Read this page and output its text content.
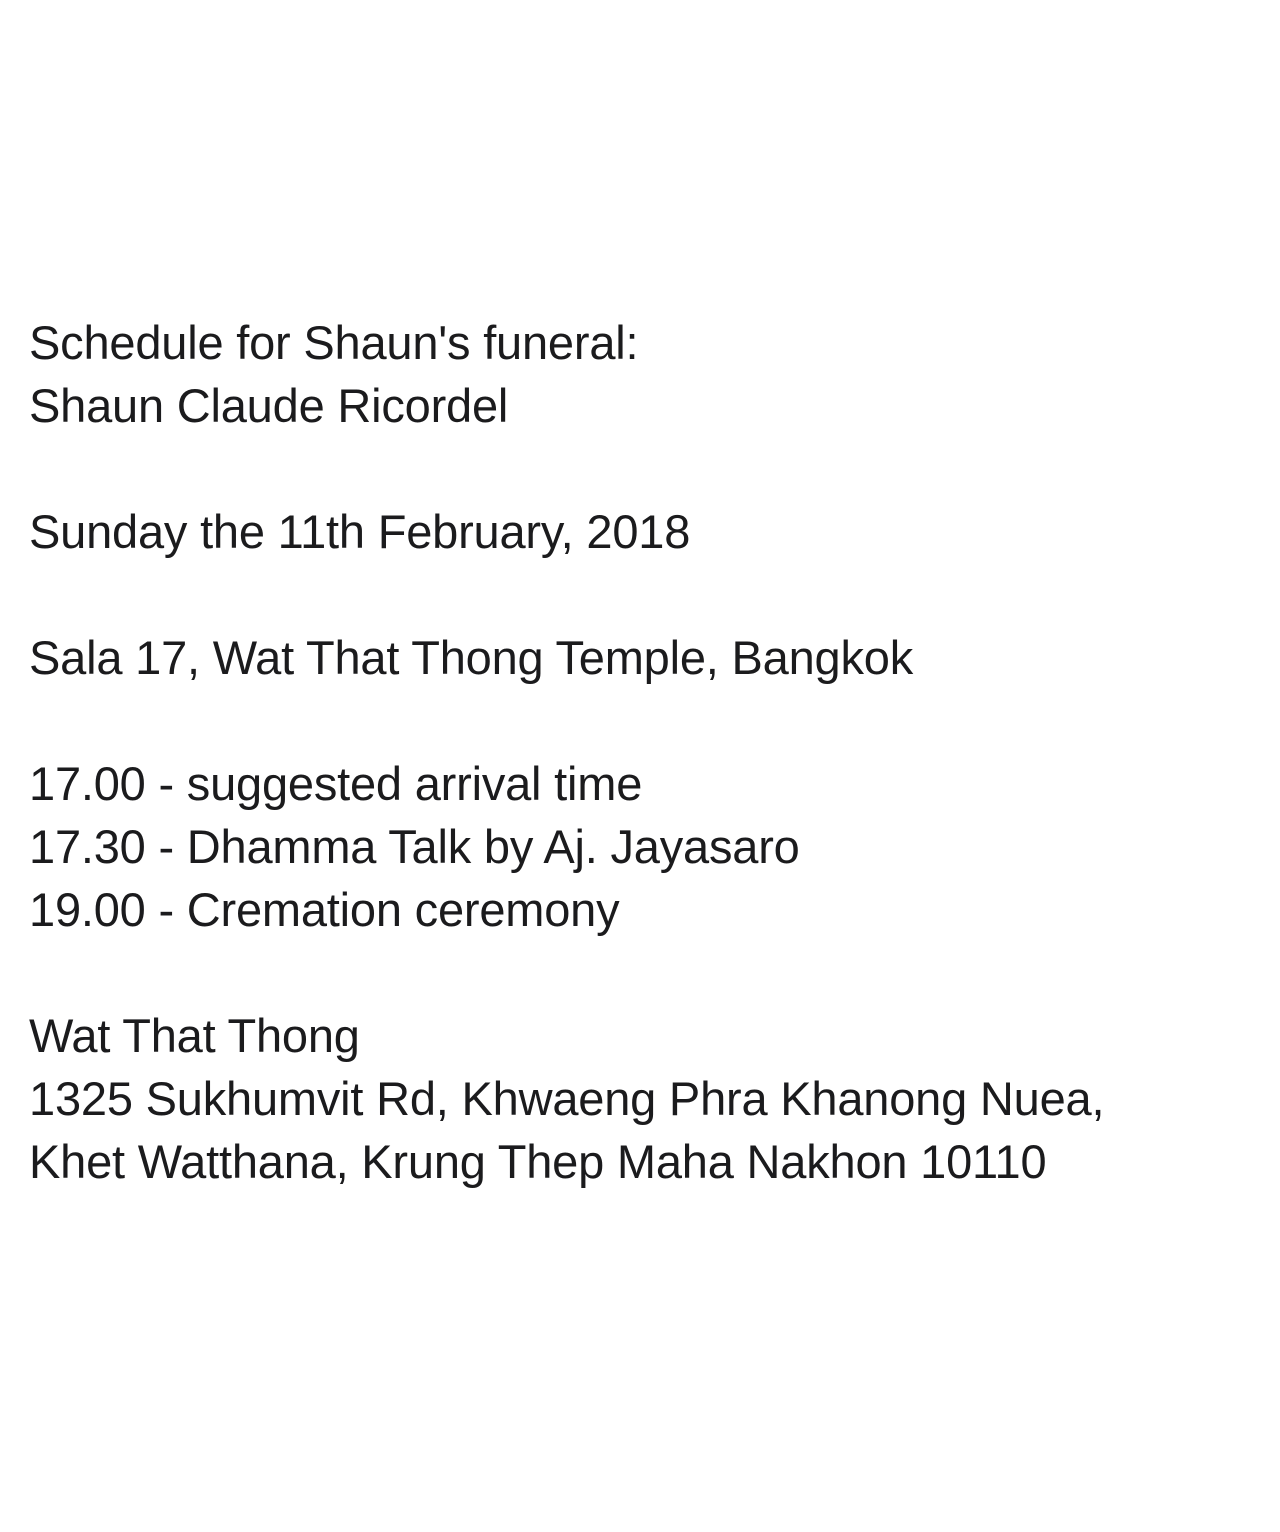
Schedule for Shaun's funeral:
Shaun Claude Ricordel
Sunday the 11th February, 2018
Sala 17, Wat That Thong Temple, Bangkok
17.00 - suggested arrival time
17.30 - Dhamma Talk by Aj. Jayasaro
19.00 - Cremation ceremony
Wat That Thong
1325 Sukhumvit Rd, Khwaeng Phra Khanong Nuea,
Khet Watthana, Krung Thep Maha Nakhon 10110
